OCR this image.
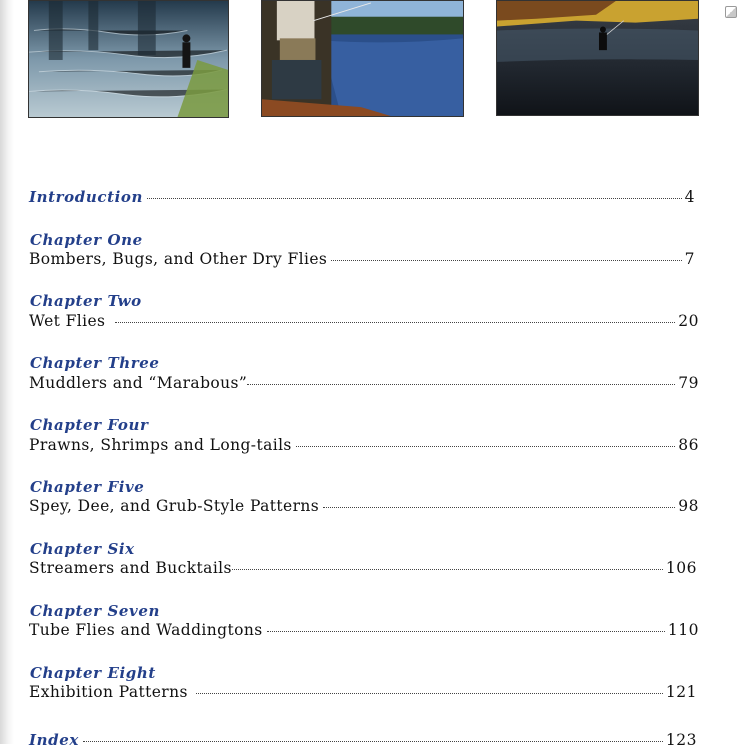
Introduction	4
Chapter One
Bombers, Bugs, and Other Dry Flies	7
Chapter Two
Wet Flies	20
Chapter Three
Muddlers and “Marabous”	79
Chapter Four
Prawns, Shrimps and Long-tails	86
Chapter Five
Spey, Dee, and Grub-Style Patterns	98
Chapter Six
Streamers and Bucktails	106
Chapter Seven
Tube Flies and Waddingtons	110
Chapter Eight
Exhibition Patterns	121
Index	123
